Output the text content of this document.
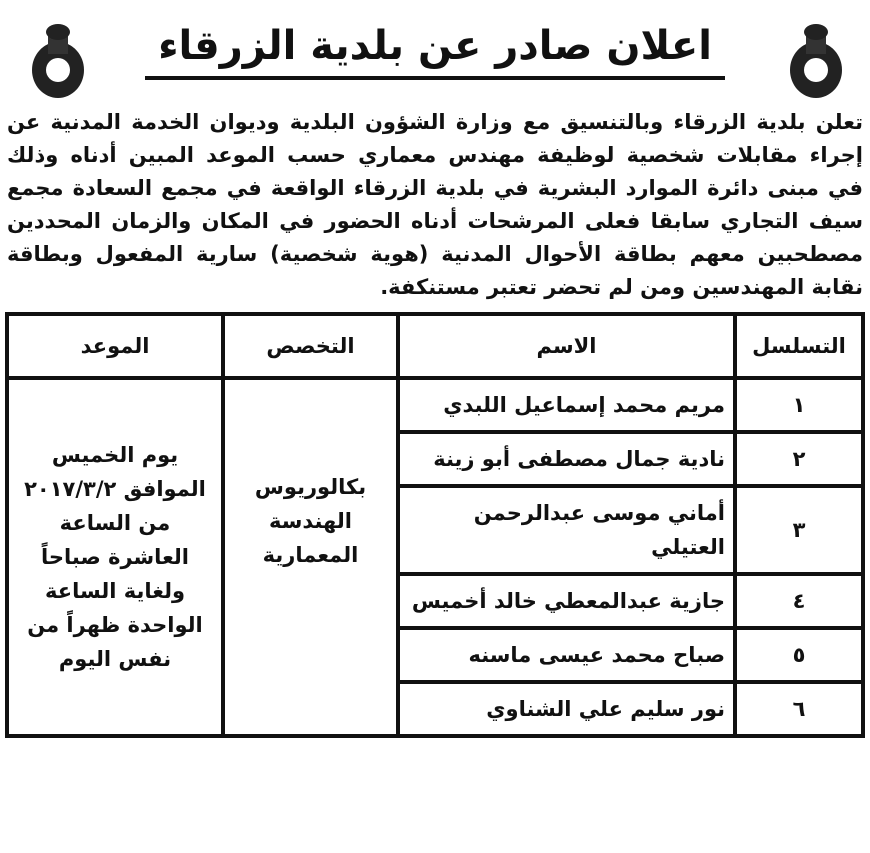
اعلان صادر عن بلدية الزرقاء
تعلن بلدية الزرقاء وبالتنسيق مع وزارة الشؤون البلدية وديوان الخدمة المدنية عن
إجراء مقابلات شخصية لوظيفة مهندس معماري حسب الموعد المبين أدناه وذلك
في مبنى دائرة الموارد البشرية في بلدية الزرقاء الواقعة في مجمع السعادة مجمع
سيف التجاري سابقا فعلى المرشحات أدناه الحضور في المكان والزمان المحددين
مصطحبين معهم بطاقة الأحوال المدنية (هوية شخصية) سارية المفعول وبطاقة
نقابة المهندسين ومن لم تحضر تعتبر مستنكفة.
التسلسل	الاسم	التخصص	الموعد
١	مريم محمد إسماعيل اللبدي	بكالوريوس الهندسة المعمارية	يوم الخميس الموافق ٢٠١٧/٣/٢ من الساعة العاشرة صباحاً ولغاية الساعة الواحدة ظهراً من نفس اليوم
٢	نادية جمال مصطفى أبو زينة		
٣	أماني موسى عبدالرحمن العتيلي		
٤	جازية عبدالمعطي خالد أخميس		
٥	صباح محمد عيسى ماسنه		
٦	نور سليم علي الشناوي		
